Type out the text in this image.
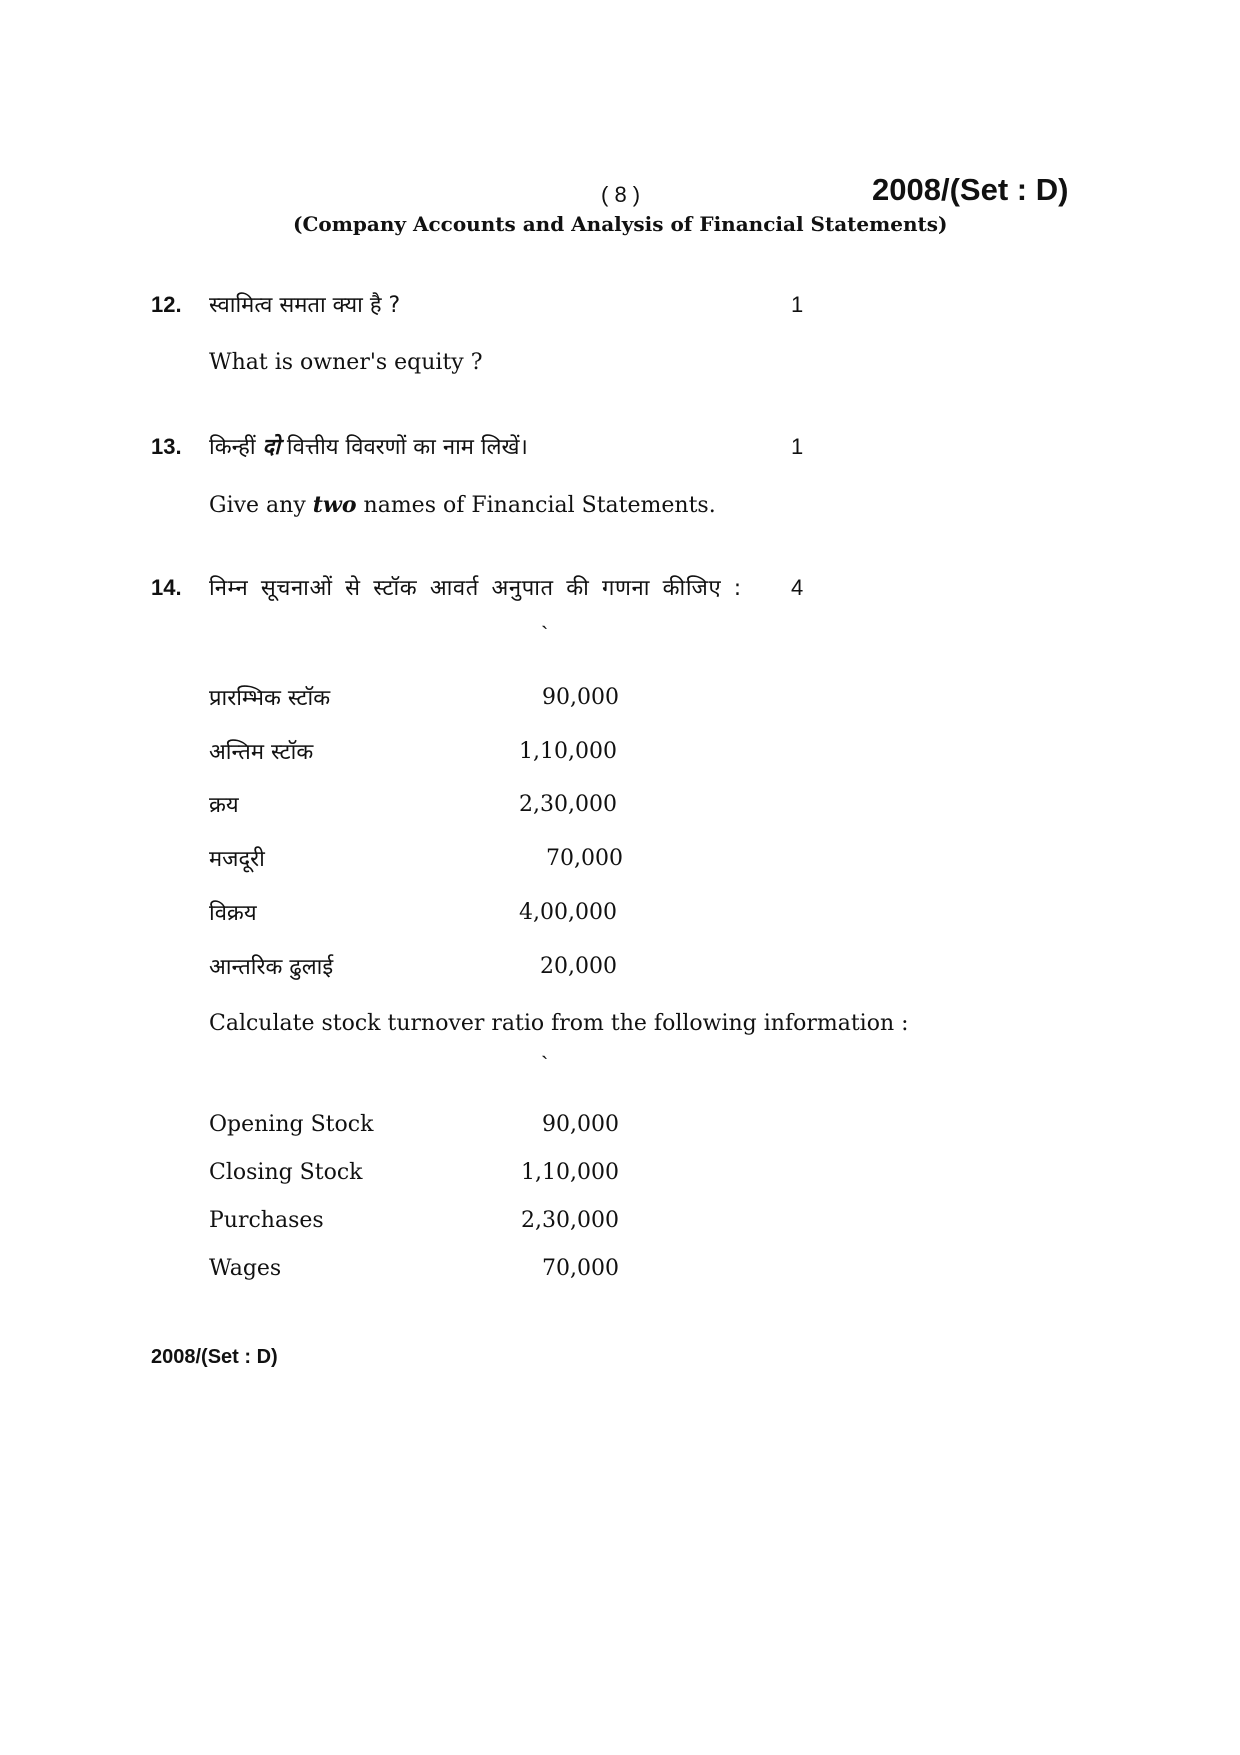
( 8 )	2008/(Set : D)
(Company Accounts and Analysis of Financial Statements)
12. स्वामित्व समता क्या है ?	1
What is owner's equity ?
13. किन्हीं दो वित्तीय विवरणों का नाम लिखें।	1
Give any two names of Financial Statements.
14. निम्न सूचनाओं से स्टॉक आवर्त अनुपात की गणना कीजिए : 4
`
प्रारम्भिक स्टॉक	90,000
अन्तिम स्टॉक	1,10,000
क्रय	2,30,000
मजदूरी	70,000
विक्रय	4,00,000
आन्तरिक ढुलाई	20,000
Calculate stock turnover ratio from the following information :
`
Opening Stock	90,000
Closing Stock	1,10,000
Purchases	2,30,000
Wages	70,000
2008/(Set : D)
